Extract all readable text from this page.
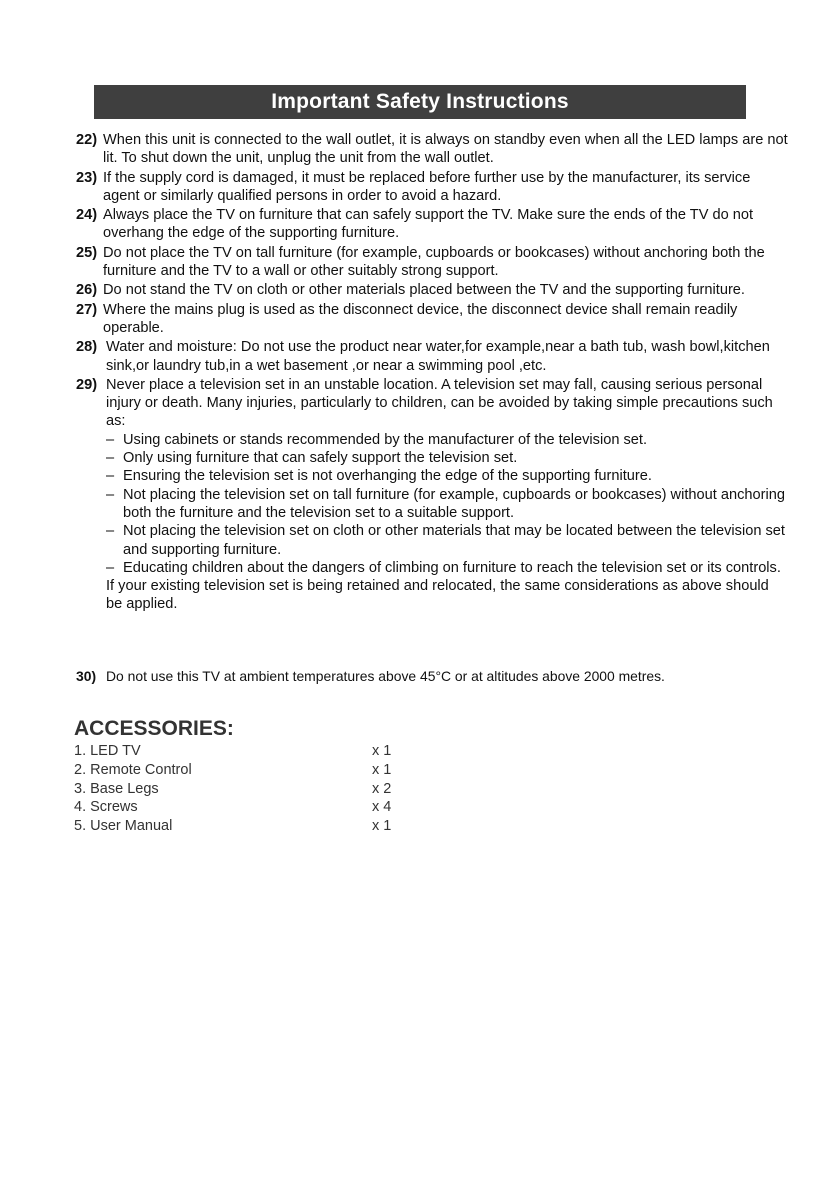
Important Safety Instructions
22) When this unit is connected to the wall outlet, it is always on standby even when all the LED lamps are not lit. To shut down the unit, unplug the unit from the wall outlet.
23) If the supply cord is damaged, it must be replaced before further use by the manufacturer, its service agent or similarly qualified persons in order to avoid a hazard.
24) Always place the TV on furniture that can safely support the TV. Make sure the ends of the TV do not overhang the edge of the supporting furniture.
25) Do not place the TV on tall furniture (for example, cupboards or bookcases) without anchoring both the furniture and the TV to a wall or other suitably strong support.
26) Do not stand the TV on cloth or other materials placed between the TV and the supporting furniture.
27) Where the mains plug is used as the disconnect device, the disconnect device shall remain readily operable.
28) Water and moisture: Do not use the product near water,for example,near a bath tub, wash bowl,kitchen sink,or laundry tub,in a wet basement ,or near a swimming pool ,etc.
29) Never place a television set in an unstable location. A television set may fall, causing serious personal injury or death. Many injuries, particularly to children, can be avoided by taking simple precautions such as:
– Using cabinets or stands recommended by the manufacturer of the television set.
– Only using furniture that can safely support the television set.
– Ensuring the television set is not overhanging the edge of the supporting furniture.
– Not placing the television set on tall furniture (for example, cupboards or bookcases) without anchoring both the furniture and the television set to a suitable support.
– Not placing the television set on cloth or other materials that may be located between the television set and supporting furniture.
– Educating children about the dangers of climbing on furniture to reach the television set or its controls.
If your existing television set is being retained and relocated, the same considerations as above should be applied.
30) Do not use this TV at ambient temperatures above 45°C or at altitudes above 2000 metres.
ACCESSORIES:
1. LED TV	x 1
2. Remote Control	x 1
3. Base Legs	x 2
4. Screws	x 4
5. User Manual	x 1
